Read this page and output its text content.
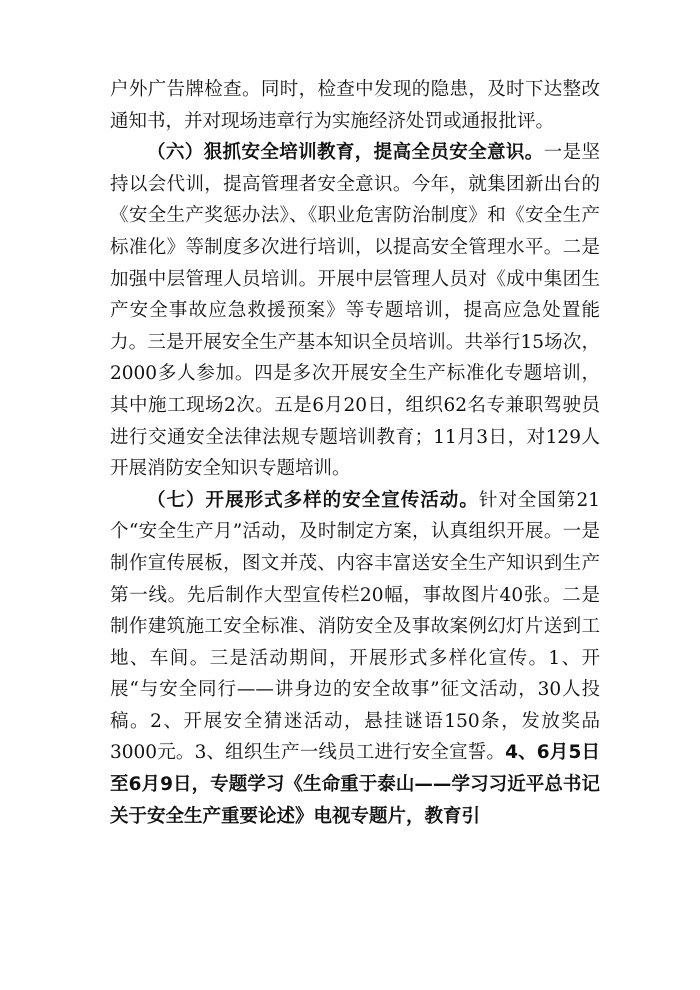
户外广告牌检查。同时，检查中发现的隐患，及时下达整改通知书，并对现场违章行为实施经济处罚或通报批评。

（六）狠抓安全培训教育，提高全员安全意识。一是坚持以会代训，提高管理者安全意识。今年，就集团新出台的《安全生产奖惩办法》、《职业危害防治制度》和《安全生产标准化》等制度多次进行培训，以提高安全管理水平。二是加强中层管理人员培训。开展中层管理人员对《成中集团生产安全事故应急救援预案》等专题培训，提高应急处置能力。三是开展安全生产基本知识全员培训。共举行15场次，2000多人参加。四是多次开展安全生产标准化专题培训，其中施工现场2次。五是6月20日，组织62名专兼职驾驶员进行交通安全法律法规专题培训教育；11月3日，对129人开展消防安全知识专题培训。

（七）开展形式多样的安全宣传活动。针对全国第21个“安全生产月”活动，及时制定方案，认真组织开展。一是制作宣传展板，图文并茂、内容丰富送安全生产知识到生产第一线。先后制作大型宣传栏20幅，事故图片40张。二是制作建筑施工安全标准、消防安全及事故案例幻灯片送到工地、车间。三是活动期间，开展形式多样化宣传。1、开展“与安全同行——讲身边的安全故事”征文活动，30人投稿。2、开展安全猜迷活动，悬挂谜语150条，发放奖品3000元。3、组织生产一线员工进行安全宣誓。4、6月5日至6月9日，专题学习《生命重于泰山——学习习近平总书记关于安全生产重要论述》电视专题片，教育引
